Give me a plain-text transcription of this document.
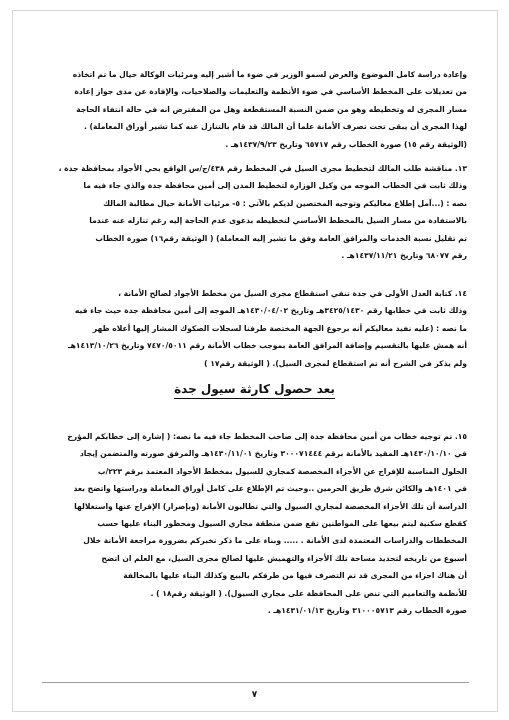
وإعادة دراسة كامل الموضوع والعرض لسمو الوزير في ضوء ما أشير إليه ومرئيات الوكالة حيال ما تم اتخاذه
من تعديلات على المخطط الأساسي في ضوء الأنظمة والتعليمات والصلاحيات، والإفادة عن مدى جواز إعادة
مسار المجرى له وتخطيطه وهو من ضمن النسبة المستقطعة وهل من المفترض انه في حالة انتفاء الحاجة
لهذا المجرى أن يبقى تحت تصرف الأمانة علما أن المالك قد قام بالتنازل عنه كما تشير أوراق المعاملة) .
(الوثيقة رقم ١٥) صورة الخطاب رقم ٦٥٧١٧ وتاريخ ١٤٣٧/٩/٢٣هـ .
١٣. مناقشة طلب المالك لتخطيط مجرى السيل في المخطط رقم ٤٣٨/ج/س الواقع بحي الأجواد بمحافظة جدة ،
وذلك ثابت في الخطاب الموجه من وكيل الوزارة لتخطيط المدن إلى أمين محافظة جدة والذي جاء فيه ما
نصه : (...آمل إطلاع معاليكم وتوجيه المختصين لديكم بالآتي : ٥- مرئيات الأمانة حيال مطالبة المالك
بالاستفادة من مسار السيل بالمخطط الأساسي لتخطيطه بدعوى عدم الحاجة إليه رغم تنازله عنه عندما
تم تقليل نسبة الخدمات والمرافق العامة وفق ما تشير إليه المعاملة) ( الوثيقة رقم١٦) صورة الخطاب
رقم ٦٨٠٧٧ وتاريخ ١٤٣٧/١١/٢١هـ .
١٤. كتابة العدل الأولى في جدة تنفي استقطاع مجرى السيل من مخطط الأجواد لصالح الأمانة ،
وذلك ثابت في خطابها رقم ٣٤٢٥/١٤٣٠هـ وتاريخ ١٤٣٠/٠٤/٠٢هـ الموجه إلى أمين محافظة جدة حيث جاء فيه
ما نصه : (عليه نفيد معاليكم أنه برجوع الجهة المختصة طرفنا لسجلات الصكوك المشار إليها أعلاه ظهر
أنه همش عليها بالتقسيم وإضافة المرافق العامة بموجب خطاب الأمانة رقم ٧٤٧٠/٥٠١١ وتاريخ ١٤١٣/١٠/٢٦هـ
ولم يذكر في الشرح أنه تم استقطاع لمجرى السيل). ( الوثيقة رقم١٧ )
بعد حصول كارثة سيول جدة
١٥. تم توجيه خطاب من أمين محافظة جدة إلى صاحب المخطط جاء فيه ما نصه: ( إشارة إلى خطابكم المؤرخ
في ١٤٣٠/١٠/١٠هـ المقيد بالأمانة برقم ٣٠٠٠٧١٤٤٤ وتاريخ ١٤٣٠/١١/٠١هـ والمرفق صورته والمتضمن إيجاد
الحلول المناسبة للإفراج عن الأجزاء المخصصة كمجاري للسيول بمخطط الأجواد المعتمد برقم ٢٢٣/ب
في ١٤٠١هـ والكائن شرق طريق الحرمين ..وحيث تم الإطلاع على كامل أوراق المعاملة ودراستها واتضح بعد
الدراسة أن تلك الأجزاء المخصصة لمجاري السيول والتي تطالبون الأمانة (وبإصرار) الإفراج عنها واستغلالها
كقطع سكنية ليتم بيعها على المواطنين تقع ضمن منطقة مجاري السيول ومحظور البناء عليها حسب
المخططات والدراسات المعتمدة لدى الأمانة . ..... وبناء على ما ذكر نخبركم بضرورة مراجعة الأمانة خلال
أسبوع من تاريخه لتحديد مساحة تلك الأجزاء والتهميش عليها لصالح مجرى السيل، مع العلم ان اتضح
أن هناك اجزاء من المجرى قد تم التصرف فيها من طرفكم بالبيع وكذلك البناء عليها بالمخالفة
للأنظمة والتعاميم التي تنص على المحافظة على مجاري السيول). ( الوثيقة رقم١٨ ) .
صورة الخطاب رقم ٣١٠٠٠٥٧١٣ وتاريخ ١٤٣١/٠١/١٣هـ .
٧
